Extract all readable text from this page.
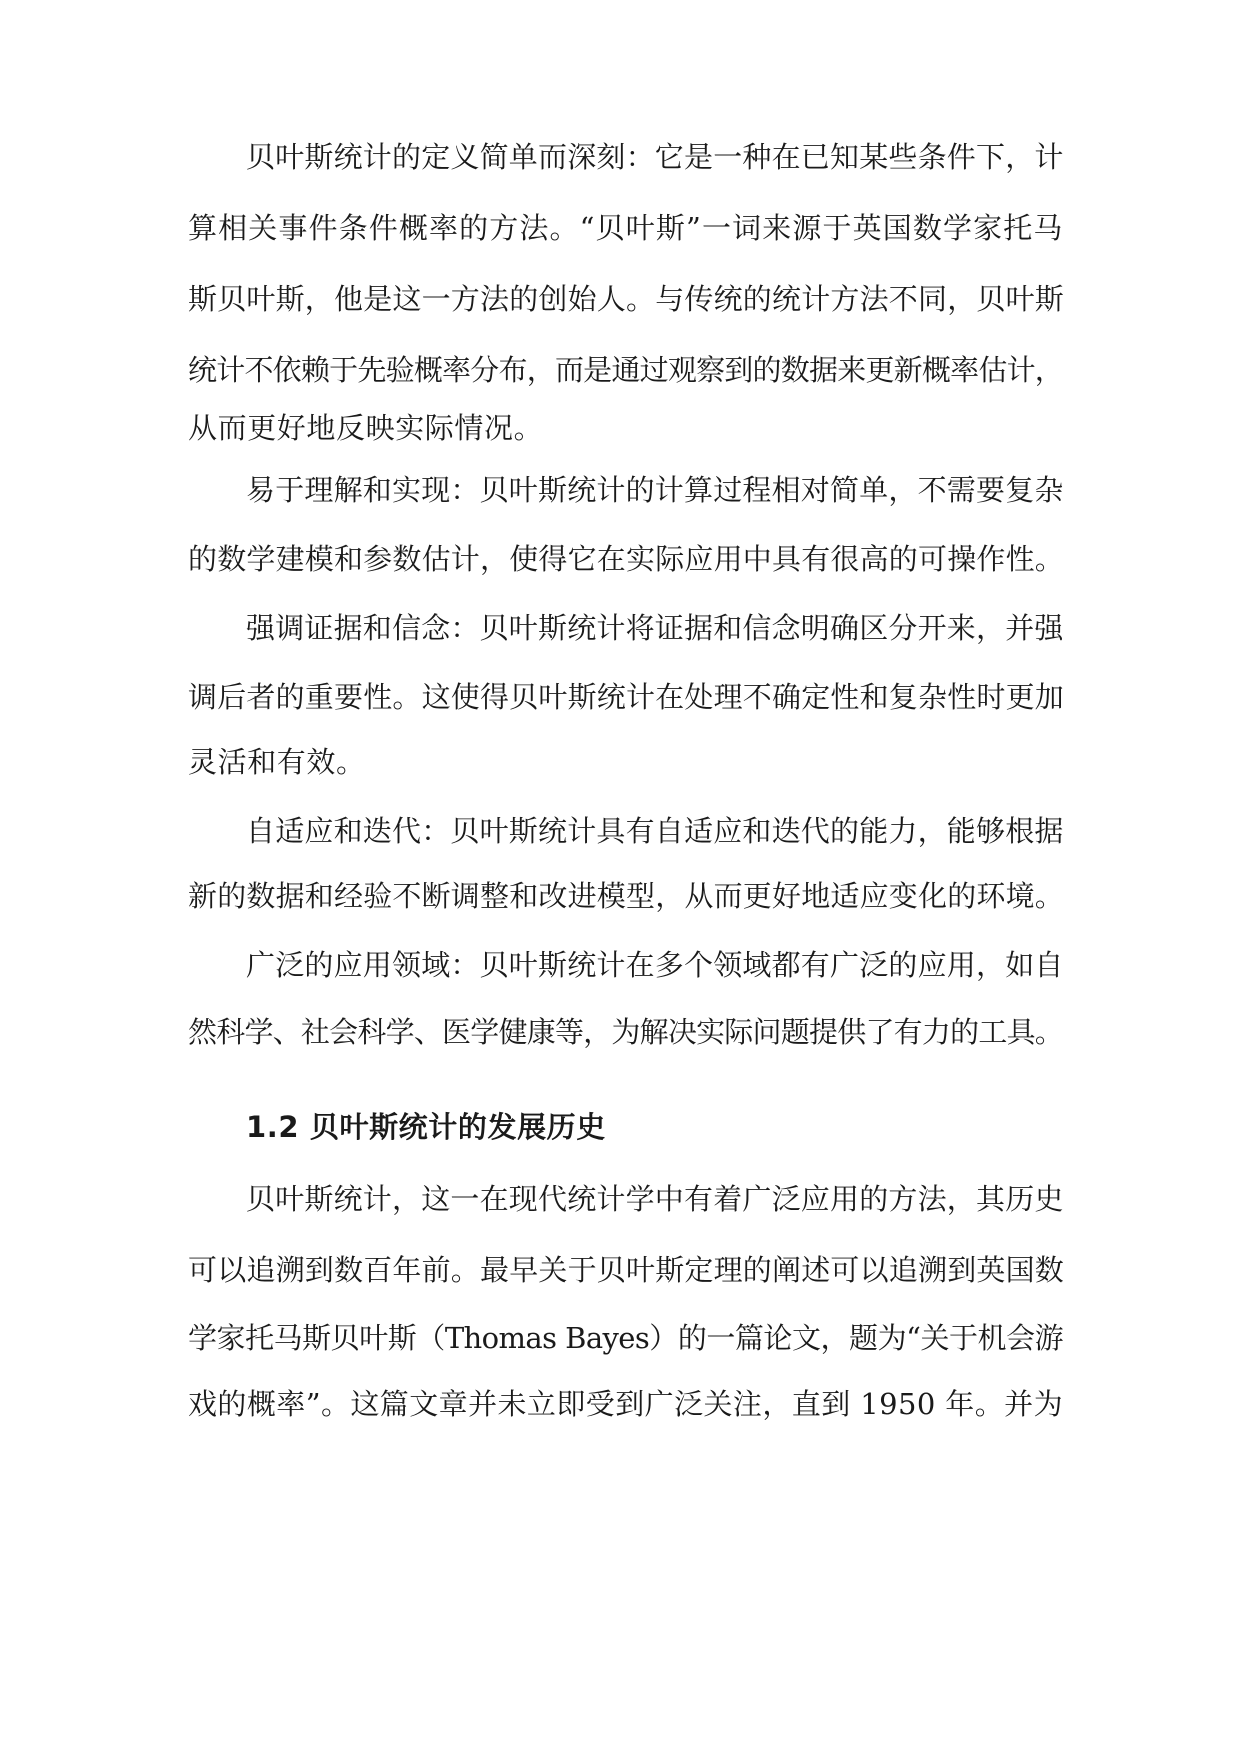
贝叶斯统计的定义简单而深刻：它是一种在已知某些条件下，计
算相关事件条件概率的方法。“贝叶斯”一词来源于英国数学家托马
斯贝叶斯，他是这一方法的创始人。与传统的统计方法不同，贝叶斯
统计不依赖于先验概率分布，而是通过观察到的数据来更新概率估计，
从而更好地反映实际情况。
易于理解和实现：贝叶斯统计的计算过程相对简单，不需要复杂
的数学建模和参数估计，使得它在实际应用中具有很高的可操作性。
强调证据和信念：贝叶斯统计将证据和信念明确区分开来，并强
调后者的重要性。这使得贝叶斯统计在处理不确定性和复杂性时更加
灵活和有效。
自适应和迭代：贝叶斯统计具有自适应和迭代的能力，能够根据
新的数据和经验不断调整和改进模型，从而更好地适应变化的环境。
广泛的应用领域：贝叶斯统计在多个领域都有广泛的应用，如自
然科学、社会科学、医学健康等，为解决实际问题提供了有力的工具。
1.2 贝叶斯统计的发展历史
贝叶斯统计，这一在现代统计学中有着广泛应用的方法，其历史
可以追溯到数百年前。最早关于贝叶斯定理的阐述可以追溯到英国数
学家托马斯贝叶斯（Thomas Bayes）的一篇论文，题为“关于机会游
戏的概率”。这篇文章并未立即受到广泛关注，直到 1950 年。并为
